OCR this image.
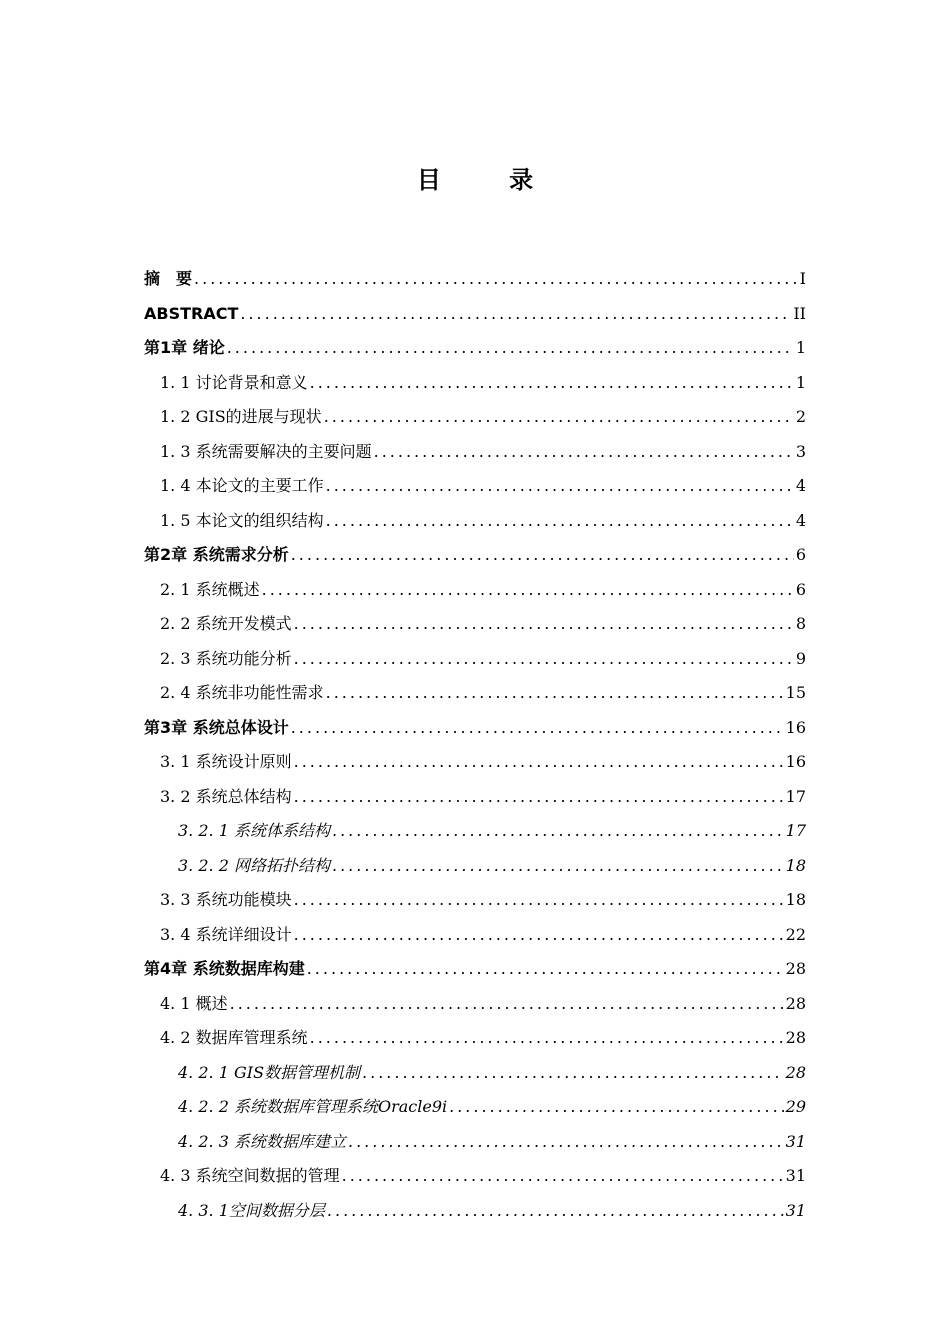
目 录
摘　要 .....	I
ABSTRACT .....	II
第1章 绪论 .....	1
1. 1 讨论背景和意义 .....	1
1. 2 GIS的进展与现状 .....	2
1. 3 系统需要解决的主要问题 .....	3
1. 4 本论文的主要工作 .....	4
1. 5 本论文的组织结构 .....	4
第2章 系统需求分析 .....	6
2. 1 系统概述 .....	6
2. 2 系统开发模式 .....	8
2. 3 系统功能分析 .....	9
2. 4 系统非功能性需求 .....	15
第3章 系统总体设计 .....	16
3. 1 系统设计原则 .....	16
3. 2 系统总体结构 .....	17
3. 2. 1 系统体系结构 .....	17
3. 2. 2 网络拓扑结构 .....	18
3. 3 系统功能模块 .....	18
3. 4 系统详细设计 .....	22
第4章 系统数据库构建 .....	28
4. 1 概述 .....	28
4. 2 数据库管理系统 .....	28
4. 2. 1 GIS数据管理机制 .....	28
4. 2. 2 系统数据库管理系统Oracle9i .....	29
4. 2. 3 系统数据库建立 .....	31
4. 3 系统空间数据的管理 .....	31
4. 3. 1空间数据分层 .....	31
